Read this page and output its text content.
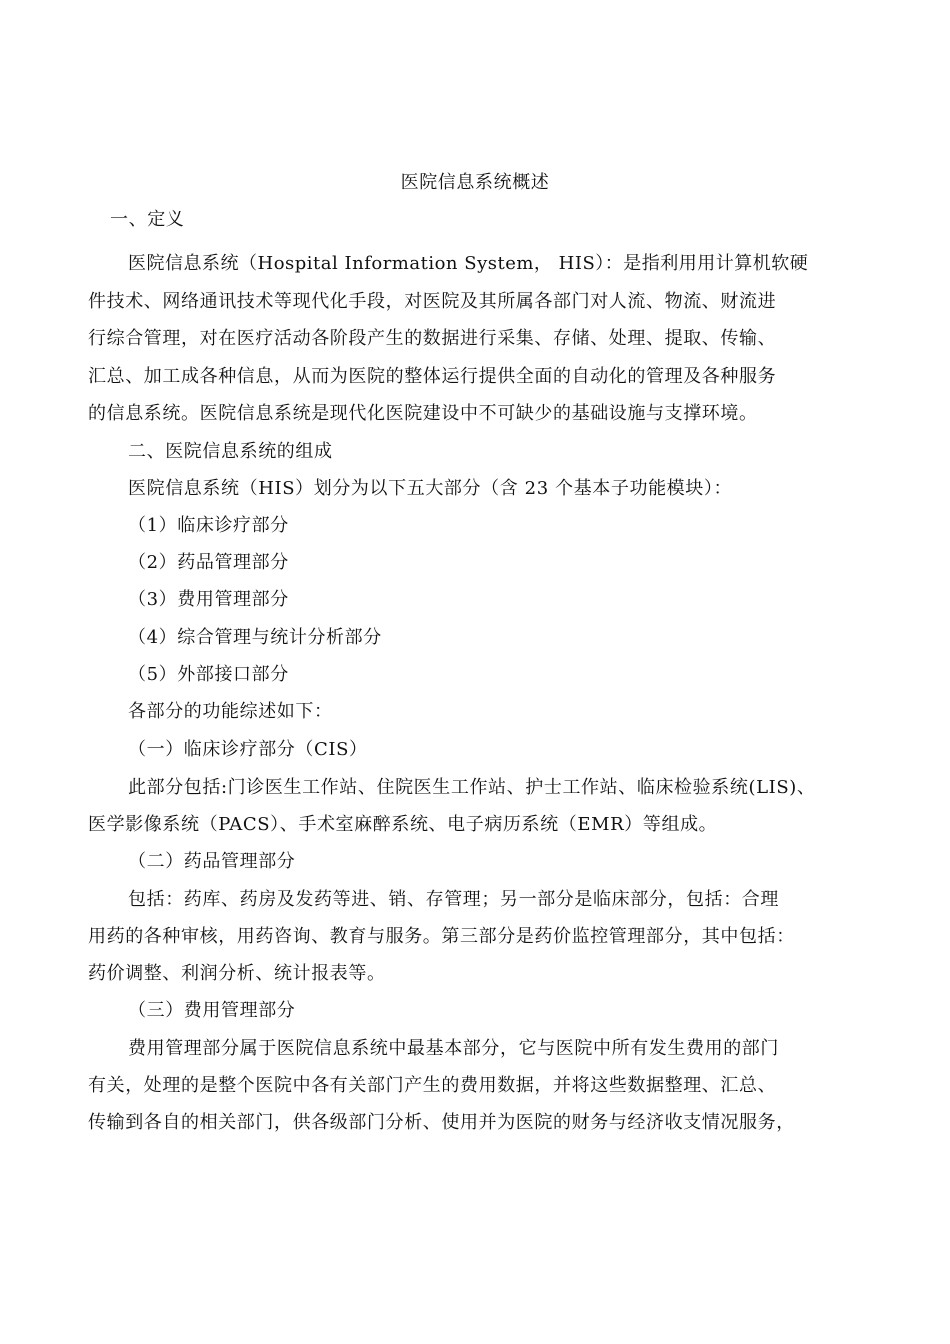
医院信息系统概述
一、定义
医院信息系统（Hospital Information System， HIS）：是指利用用计算机软硬
件技术、网络通讯技术等现代化手段，对医院及其所属各部门对人流、物流、财流进
行综合管理，对在医疗活动各阶段产生的数据进行采集、存储、处理、提取、传输、
汇总、加工成各种信息，从而为医院的整体运行提供全面的自动化的管理及各种服务
的信息系统。医院信息系统是现代化医院建设中不可缺少的基础设施与支撑环境。
二、医院信息系统的组成
医院信息系统（HIS）划分为以下五大部分（含 23 个基本子功能模块）：
（1）临床诊疗部分
（2）药品管理部分
（3）费用管理部分
（4）综合管理与统计分析部分
（5）外部接口部分
各部分的功能综述如下：
（一）临床诊疗部分（CIS）
此部分包括:门诊医生工作站、住院医生工作站、护士工作站、临床检验系统(LIS)、
医学影像系统（PACS）、手术室麻醉系统、电子病历系统（EMR）等组成。
（二）药品管理部分
包括：药库、药房及发药等进、销、存管理；另一部分是临床部分，包括：合理
用药的各种审核，用药咨询、教育与服务。第三部分是药价监控管理部分，其中包括：
药价调整、利润分析、统计报表等。
（三）费用管理部分
费用管理部分属于医院信息系统中最基本部分，它与医院中所有发生费用的部门
有关，处理的是整个医院中各有关部门产生的费用数据，并将这些数据整理、汇总、
传输到各自的相关部门，供各级部门分析、使用并为医院的财务与经济收支情况服务，
